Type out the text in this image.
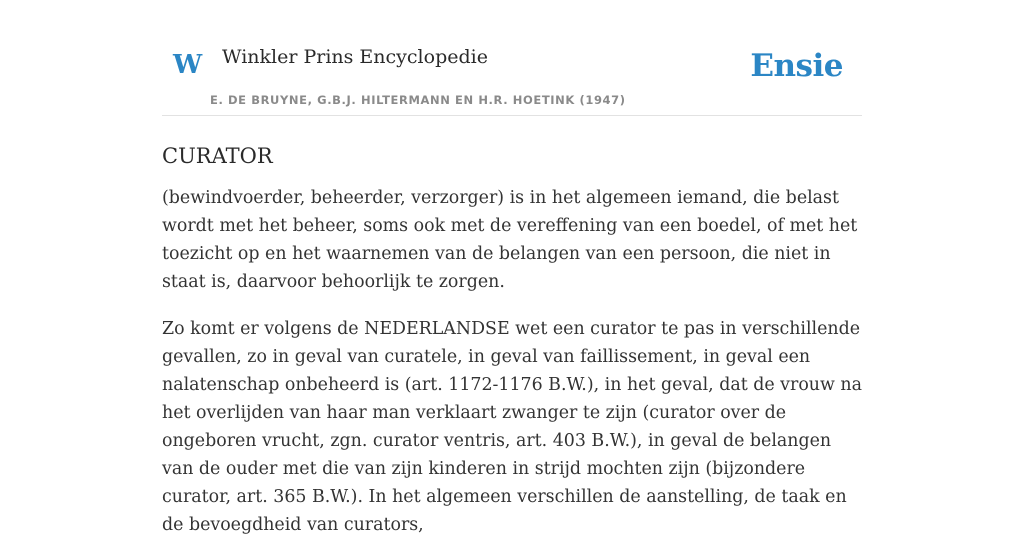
W Winkler Prins Encyclopedie
E. DE BRUYNE, G.B.J. HILTERMANN EN H.R. HOETINK (1947)
Ensie
CURATOR

(bewindvoerder, beheerder, verzorger) is in het algemeen iemand, die belast wordt met het beheer, soms ook met de vereffening van een boedel, of met het toezicht op en het waarnemen van de belangen van een persoon, die niet in staat is, daarvoor behoorlijk te zorgen.

Zo komt er volgens de NEDERLANDSE wet een curator te pas in verschillende gevallen, zo in geval van curatele, in geval van faillissement, in geval een nalatenschap onbeheerd is (art. 1172-1176 B.W.), in het geval, dat de vrouw na het overlijden van haar man verklaart zwanger te zijn (curator over de ongeboren vrucht, zgn. curator ventris, art. 403 B.W.), in geval de belangen van de ouder met die van zijn kinderen in strijd mochten zijn (bijzondere curator, art. 365 B.W.). In het algemeen verschillen de aanstelling, de taak en de bevoegdheid van curators,
